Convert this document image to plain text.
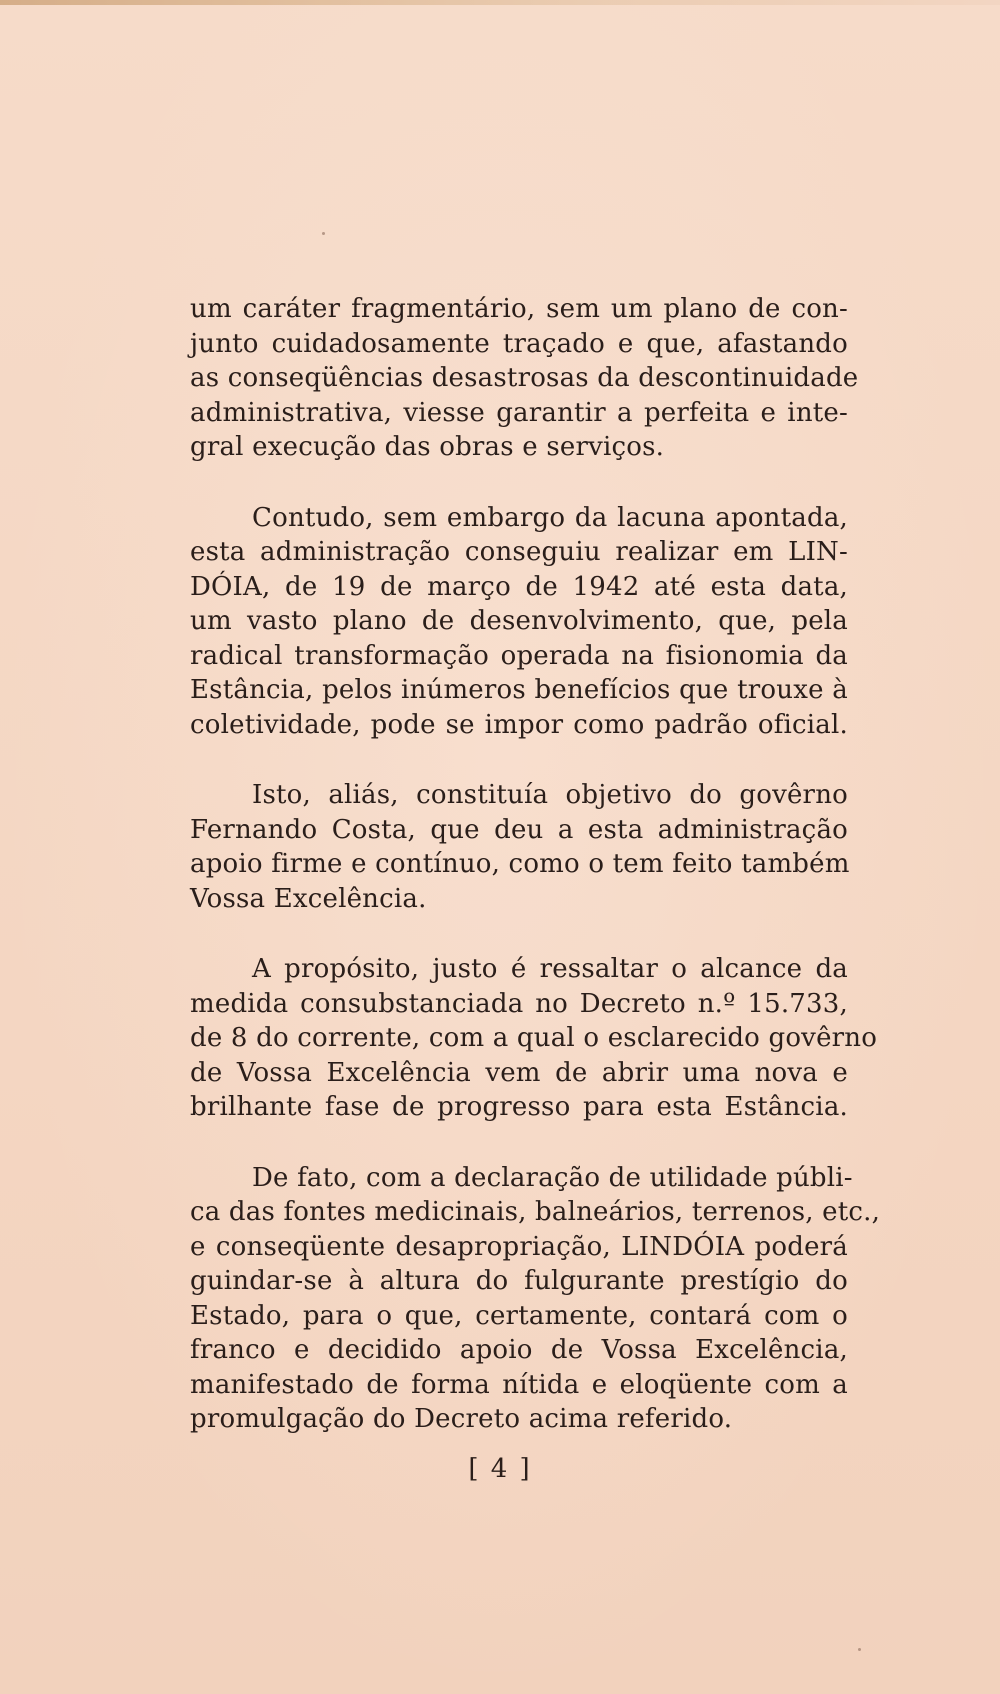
um caráter fragmentário, sem um plano de con-
junto cuidadosamente traçado e que, afastando
as conseqüências desastrosas da descontinuidade
administrativa, viesse garantir a perfeita e inte-
gral execução das obras e serviços.

Contudo, sem embargo da lacuna apontada,
esta administração conseguiu realizar em LIN-
DÓIA, de 19 de março de 1942 até esta data,
um vasto plano de desenvolvimento, que, pela
radical transformação operada na fisionomia da
Estância, pelos inúmeros benefícios que trouxe à
coletividade, pode se impor como padrão oficial.

Isto, aliás, constituía objetivo do govêrno
Fernando Costa, que deu a esta administração
apoio firme e contínuo, como o tem feito também
Vossa Excelência.

A propósito, justo é ressaltar o alcance da
medida consubstanciada no Decreto n.º 15.733,
de 8 do corrente, com a qual o esclarecido govêrno
de Vossa Excelência vem de abrir uma nova e
brilhante fase de progresso para esta Estância.

De fato, com a declaração de utilidade públi-
ca das fontes medicinais, balneários, terrenos, etc.,
e conseqüente desapropriação, LINDÓIA poderá
guindar-se à altura do fulgurante prestígio do
Estado, para o que, certamente, contará com o
franco e decidido apoio de Vossa Excelência,
manifestado de forma nítida e eloqüente com a
promulgação do Decreto acima referido.

[ 4 ]
